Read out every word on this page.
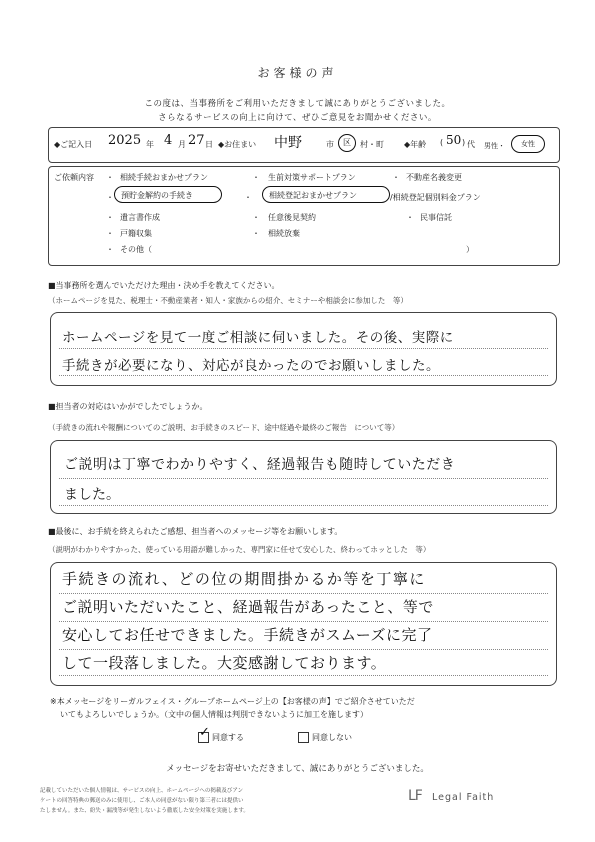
お客様の声
この度は、当事務所をご利用いただきまして誠にありがとうございました。
さらなるサービスの向上に向けて、ぜひご意見をお聞かせください。
◆ご記入日 2025 年 4 月 27 日 ◆お住まい 中野	市	区	村・町	◆年齢 ( 50 ) 代 男性・	女性
ご依頼内容 ・ 相続手続おまかせプラン
・ 預貯金解約の手続き
・ 遺言書作成
・ 戸籍収集
・ その他（	）
・ 生前対策サポートプラン
・	相続登記おまかせプラン
・ 任意後見契約
・ 相続放棄
・ 不動産名義変更
/相続登記個別料金プラン
・ 民事信託
■当事務所を選んでいただけた理由・決め手を教えてください。
（ホームページを見た、税理士・不動産業者・知人・家族からの紹介、セミナーや相談会に参加した　等）
ホームページを見て一度ご相談に伺いました。その後、実際に
手続きが必要になり、対応が良かったのでお願いしました。
■担当者の対応はいかがでしたでしょうか。
（手続きの流れや報酬についてのご説明、お手続きのスピード、途中経過や最終のご報告　について等）
ご説明は丁寧でわかりやすく、経過報告も随時していただき
ました。
■最後に、お手続を終えられたご感想、担当者へのメッセージ等をお願いします。
（説明がわかりやすかった、使っている用語が難しかった、専門家に任せて安心した、終わってホッとした　等）
手続きの流れ、どの位の期間掛かるか等を丁寧に
ご説明いただいたこと、経過報告があったこと、等で
安心してお任せできました。手続きがスムーズに完了
して一段落しました。大変感謝しております。
※本メッセージをリーガルフェイス・グループホームページ上の【お客様の声】でご紹介させていただ
いてもよろしいでしょうか。（文中の個人情報は判別できないように加工を施します）
✓ 同意する	同意しない
メッセージをお寄せいただきまして、誠にありがとうございました。
記載していただいた個人情報は、サービスの向上、ホームページへの掲載及びアン
ケートの回答特典の郵送のみに使用し、ご本人の同意がない限り第三者には提供い
たしません。また、紛失・漏洩等が発生しないよう徹底した安全対策を実施します。
LF Legal Faith
